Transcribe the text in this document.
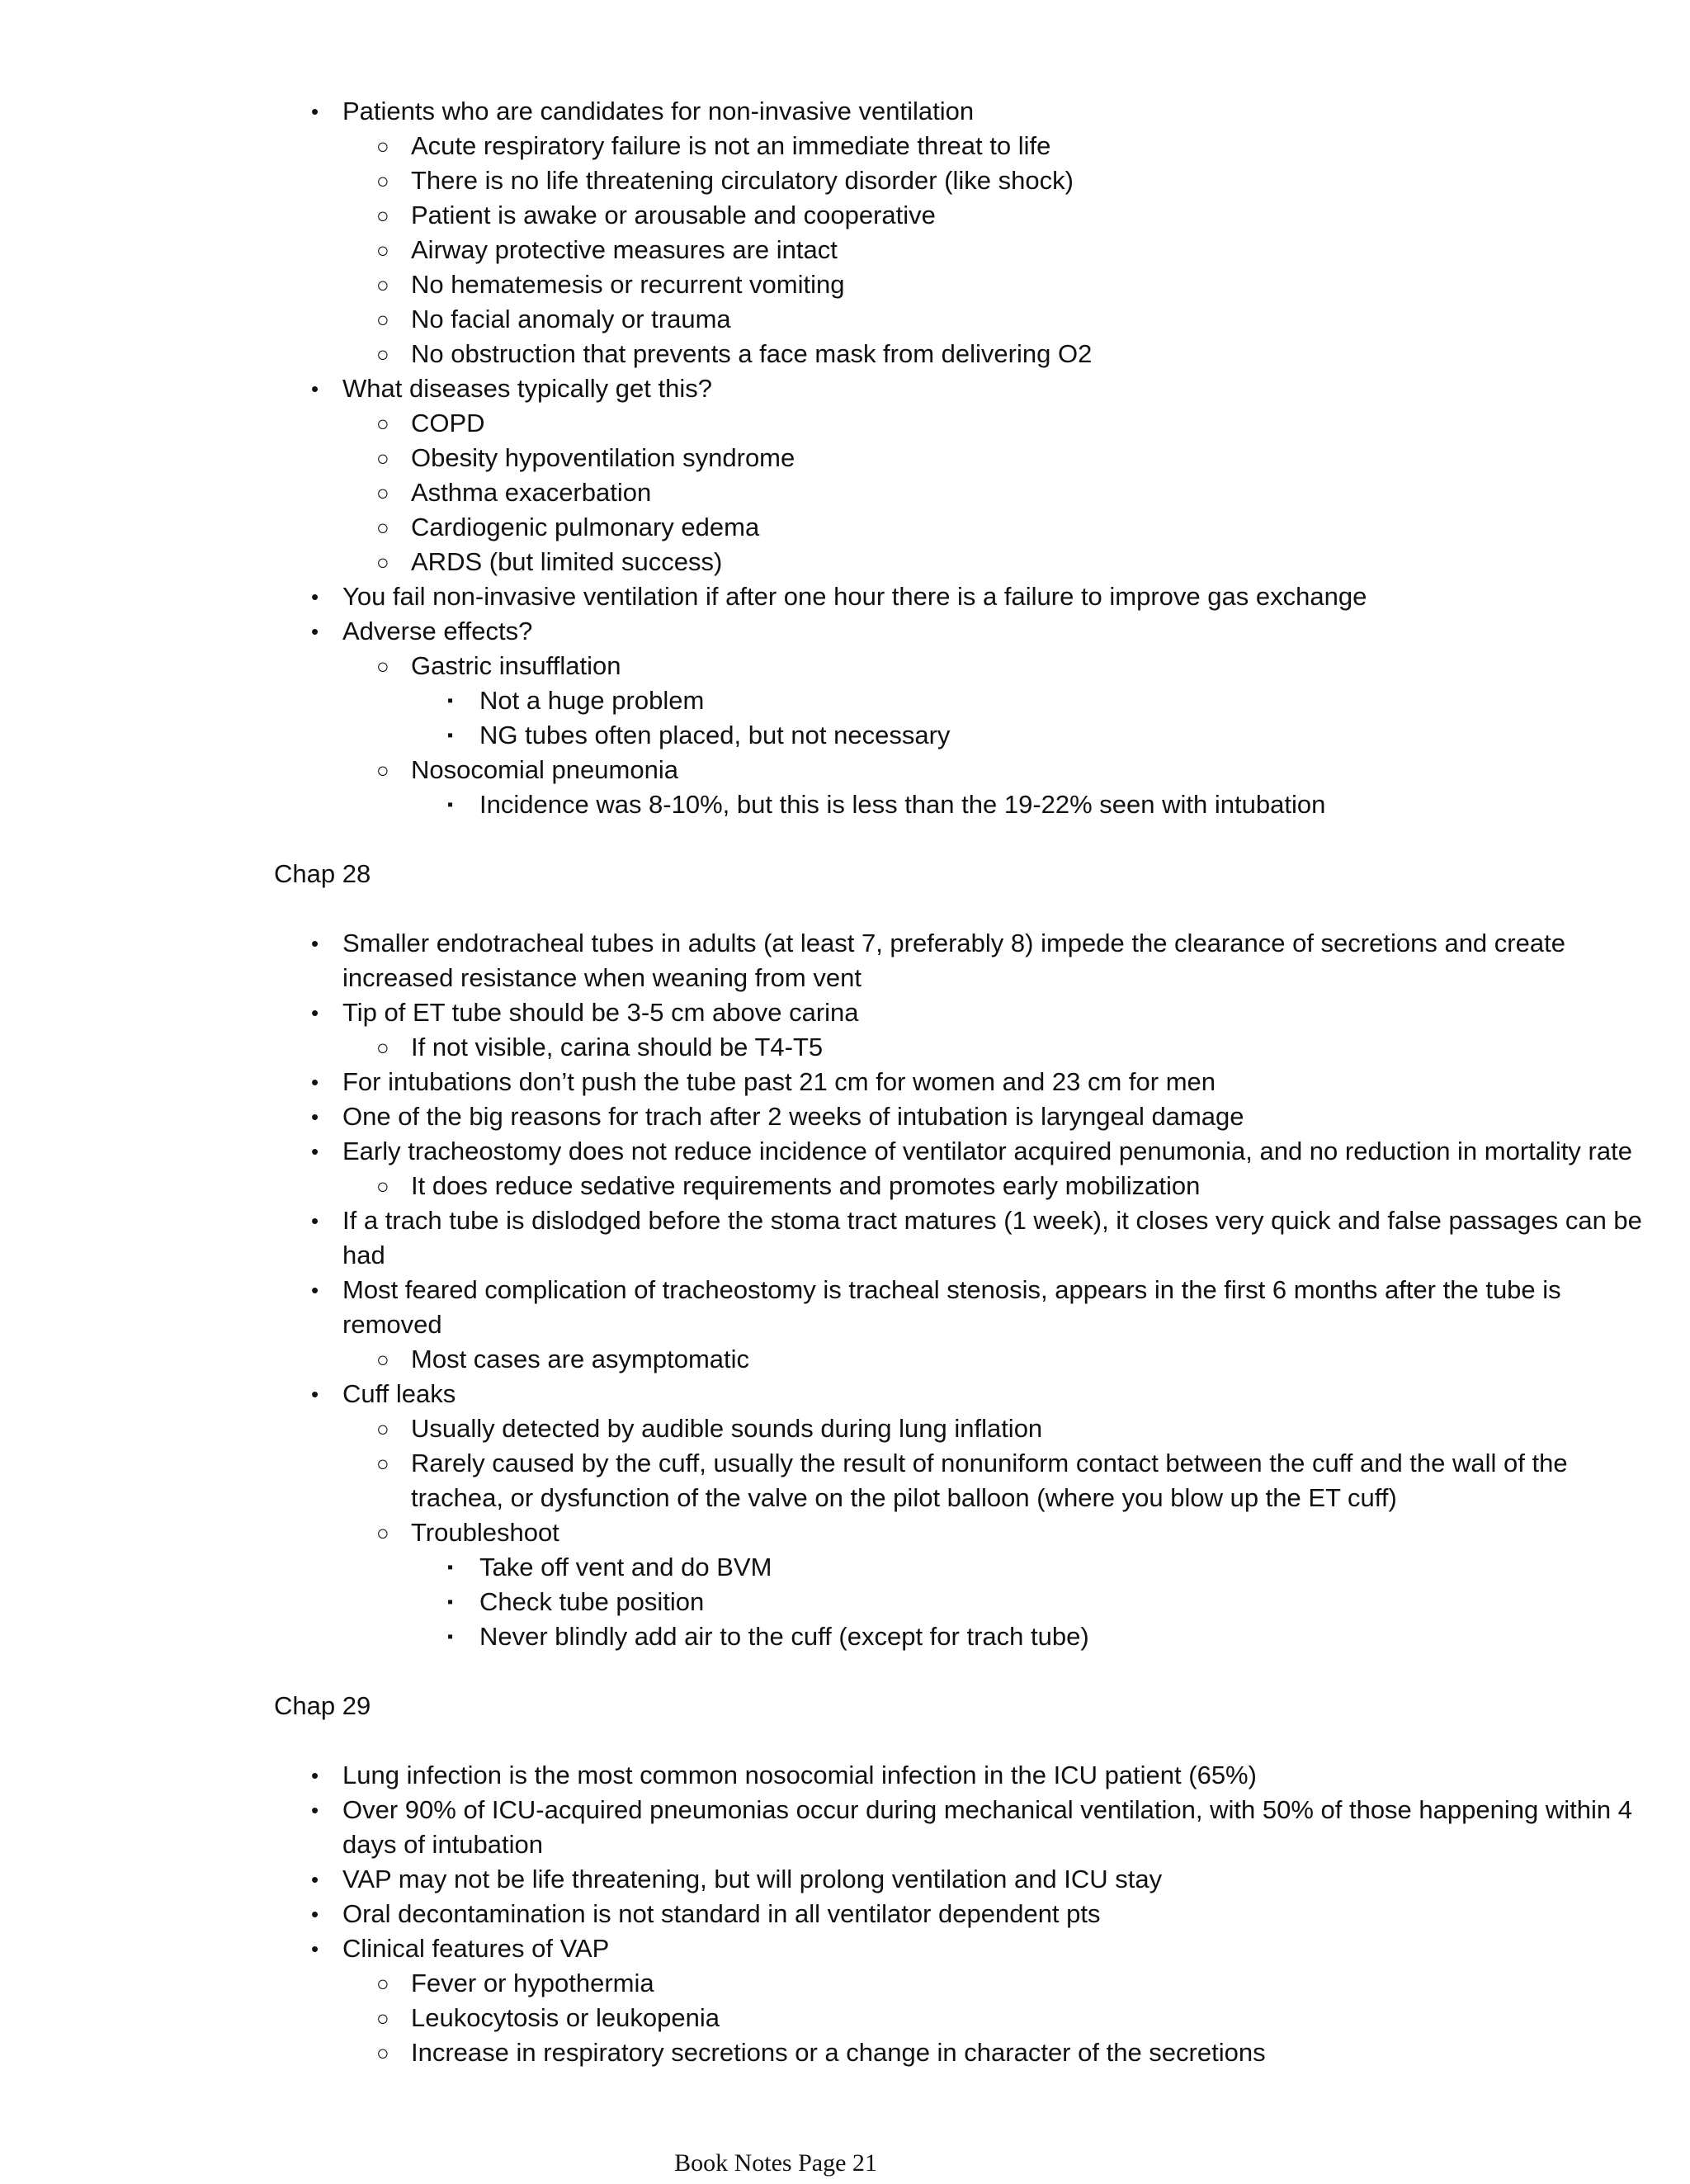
• Patients who are candidates for non-invasive ventilation
○ Acute respiratory failure is not an immediate threat to life
○ There is no life threatening circulatory disorder (like shock)
○ Patient is awake or arousable and cooperative
○ Airway protective measures are intact
○ No hematemesis or recurrent vomiting
○ No facial anomaly or trauma
○ No obstruction that prevents a face mask from delivering O2
• What diseases typically get this?
○ COPD
○ Obesity hypoventilation syndrome
○ Asthma exacerbation
○ Cardiogenic pulmonary edema
○ ARDS (but limited success)
• You fail non-invasive ventilation if after one hour there is a failure to improve gas exchange
• Adverse effects?
○ Gastric insufflation
▪ Not a huge problem
▪ NG tubes often placed, but not necessary
○ Nosocomial pneumonia
▪ Incidence was 8-10%, but this is less than the 19-22% seen with intubation
Chap 28
• Smaller endotracheal tubes in adults (at least 7, preferably 8) impede the clearance of secretions and create increased resistance when weaning from vent
• Tip of ET tube should be 3-5 cm above carina
○ If not visible, carina should be T4-T5
• For intubations don’t push the tube past 21 cm for women and 23 cm for men
• One of the big reasons for trach after 2 weeks of intubation is laryngeal damage
• Early tracheostomy does not reduce incidence of ventilator acquired penumonia, and no reduction in mortality rate
○ It does reduce sedative requirements and promotes early mobilization
• If a trach tube is dislodged before the stoma tract matures (1 week), it closes very quick and false passages can be had
• Most feared complication of tracheostomy is tracheal stenosis, appears in the first 6 months after the tube is removed
○ Most cases are asymptomatic
• Cuff leaks
○ Usually detected by audible sounds during lung inflation
○ Rarely caused by the cuff, usually the result of nonuniform contact between the cuff and the wall of the trachea, or dysfunction of the valve on the pilot balloon (where you blow up the ET cuff)
○ Troubleshoot
▪ Take off vent and do BVM
▪ Check tube position
▪ Never blindly add air to the cuff (except for trach tube)
Chap 29
• Lung infection is the most common nosocomial infection in the ICU patient (65%)
• Over 90% of ICU-acquired pneumonias occur during mechanical ventilation, with 50% of those happening within 4 days of intubation
• VAP may not be life threatening, but will prolong ventilation and ICU stay
• Oral decontamination is not standard in all ventilator dependent pts
• Clinical features of VAP
○ Fever or hypothermia
○ Leukocytosis or leukopenia
○ Increase in respiratory secretions or a change in character of the secretions
Book Notes Page 21
